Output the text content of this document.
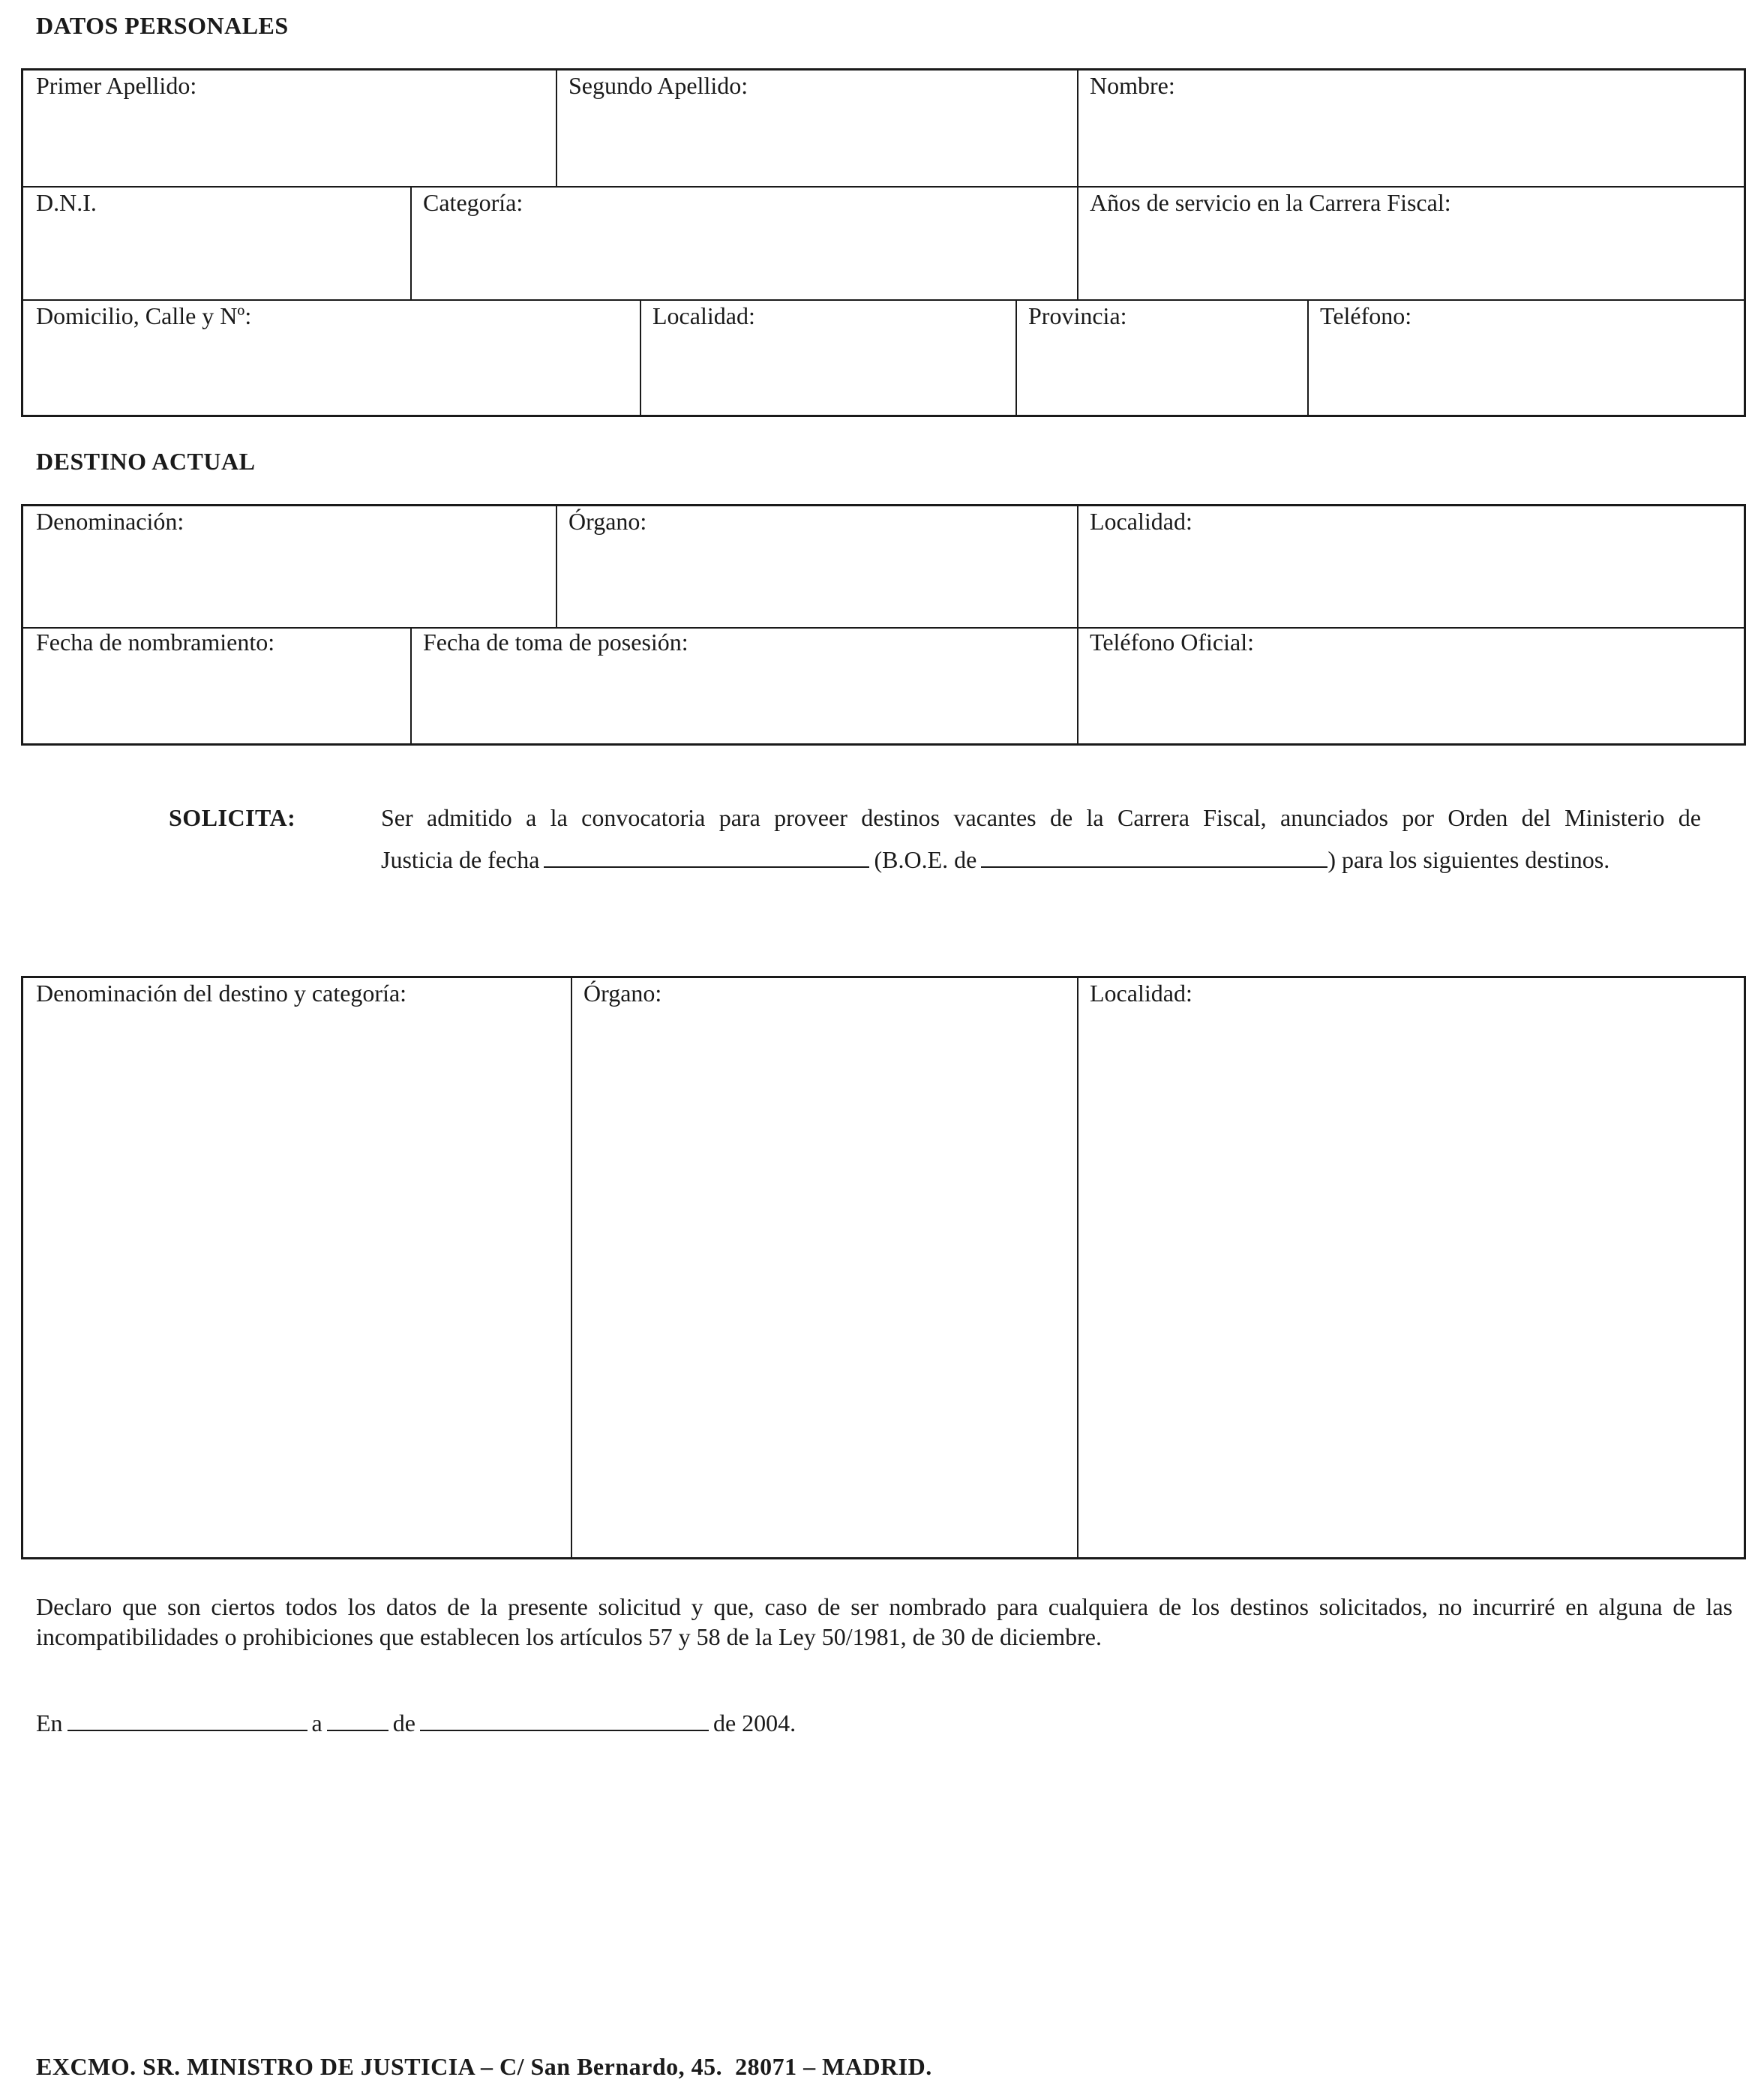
DATOS PERSONALES
Primer Apellido:	Segundo Apellido:	Nombre:
D.N.I.	Categoría:	Años de servicio en la Carrera Fiscal:
Domicilio, Calle y Nº:	Localidad:	Provincia:	Teléfono:
DESTINO ACTUAL
Denominación:	Órgano:	Localidad:
Fecha de nombramiento:	Fecha de toma de posesión:	Teléfono Oficial:
SOLICITA:	Ser admitido a la convocatoria para proveer destinos vacantes de la Carrera Fiscal, anunciados por Orden del Ministerio de
Justicia de fecha	(B.O.E. de	) para los siguientes destinos.
Denominación del destino y categoría:	Órgano:	Localidad:
Declaro que son ciertos todos los datos de la presente solicitud y que, caso de ser nombrado para cualquiera de los destinos solicitados, no incurriré en alguna de las incompatibilidades o prohibiciones que establecen los artículos 57 y 58 de la Ley 50/1981, de 30 de diciembre.
En	a	de	de 2004.
EXCMO. SR. MINISTRO DE JUSTICIA – C/ San Bernardo, 45.  28071 – MADRID.
